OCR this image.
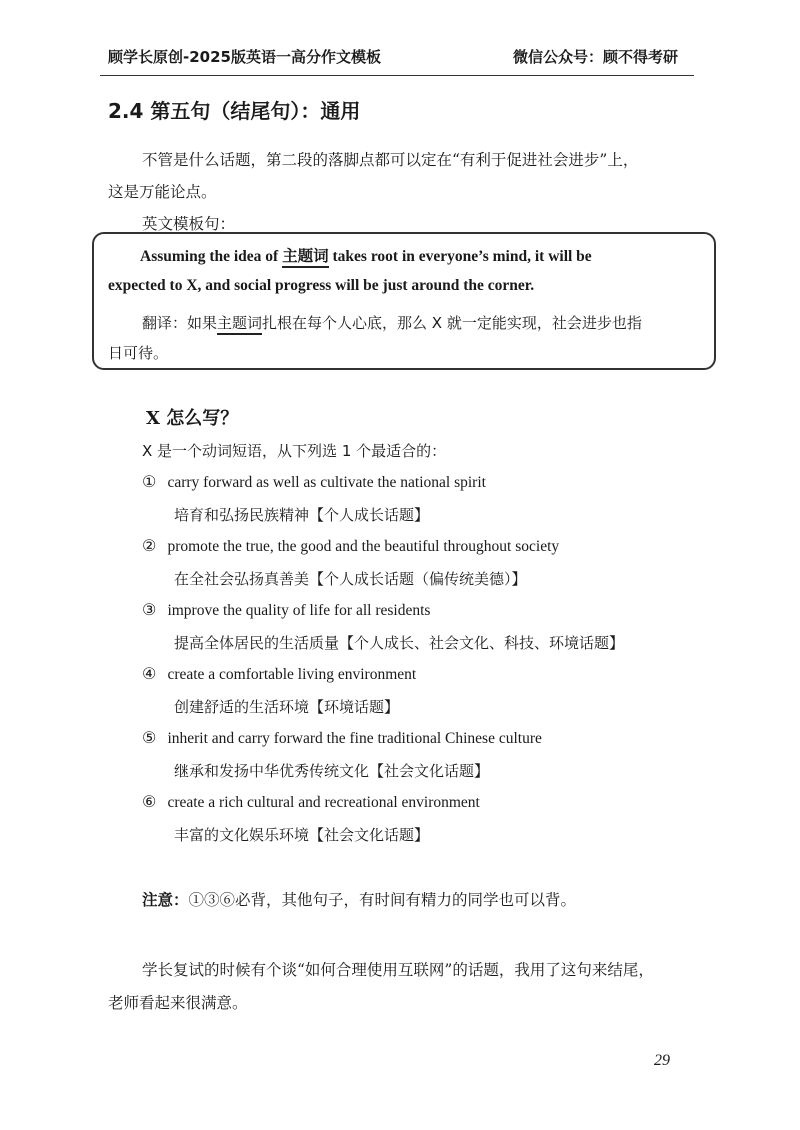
顾学长原创-2025版英语一高分作文模板	微信公众号：顾不得考研
2.4 第五句（结尾句）：通用
不管是什么话题，第二段的落脚点都可以定在“有利于促进社会进步”上，
这是万能论点。
英文模板句：
Assuming the idea of 主题词 takes root in everyone’s mind, it will be
expected to X, and social progress will be just around the corner.
翻译：如果主题词扎根在每个人心底，那么 X 就一定能实现，社会进步也指
日可待。
X 怎么写？
X 是一个动词短语，从下列选 1 个最适合的：
① carry forward as well as cultivate the national spirit
培育和弘扬民族精神【个人成长话题】
② promote the true, the good and the beautiful throughout society
在全社会弘扬真善美【个人成长话题（偏传统美德）】
③ improve the quality of life for all residents
提高全体居民的生活质量【个人成长、社会文化、科技、环境话题】
④ create a comfortable living environment
创建舒适的生活环境【环境话题】
⑤ inherit and carry forward the fine traditional Chinese culture
继承和发扬中华优秀传统文化【社会文化话题】
⑥ create a rich cultural and recreational environment
丰富的文化娱乐环境【社会文化话题】
注意：①③⑥必背，其他句子，有时间有精力的同学也可以背。
学长复试的时候有个谈“如何合理使用互联网”的话题，我用了这句来结尾，
老师看起来很满意。
29
